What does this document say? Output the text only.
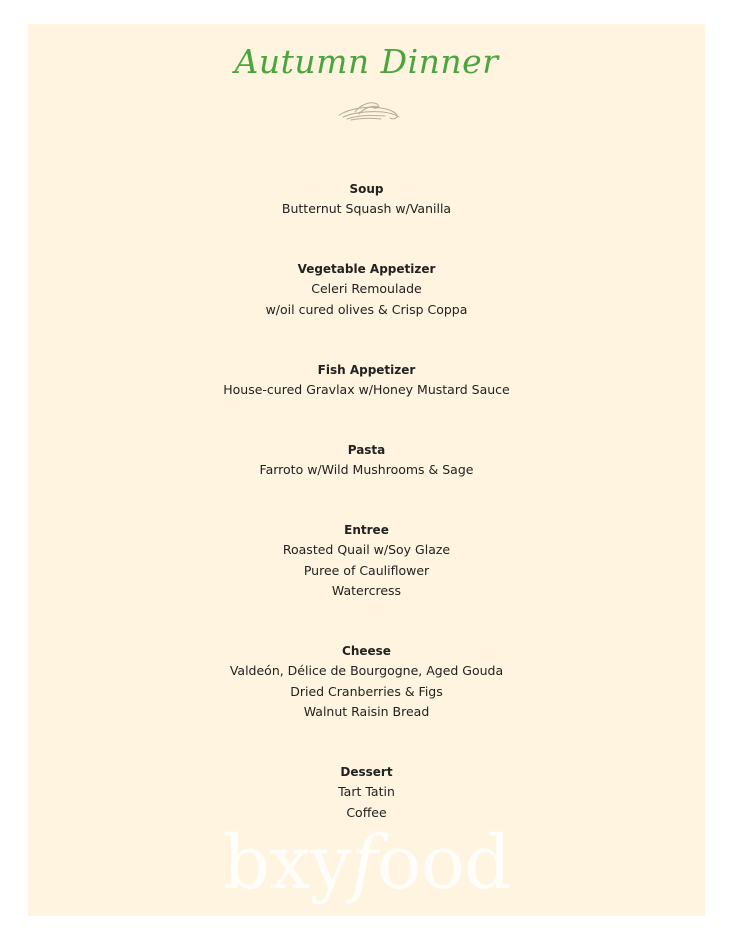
Autumn Dinner
Soup
Butternut Squash w/Vanilla
Vegetable Appetizer
Celeri Remoulade
w/oil cured olives & Crisp Coppa
Fish Appetizer
House-cured Gravlax w/Honey Mustard Sauce
Pasta
Farroto w/Wild Mushrooms & Sage
Entree
Roasted Quail w/Soy Glaze
Puree of Cauliflower
Watercress
Cheese
Valdeón, Délice de Bourgogne, Aged Gouda
Dried Cranberries & Figs
Walnut Raisin Bread
Dessert
Tart Tatin
Coffee
bxyfood
